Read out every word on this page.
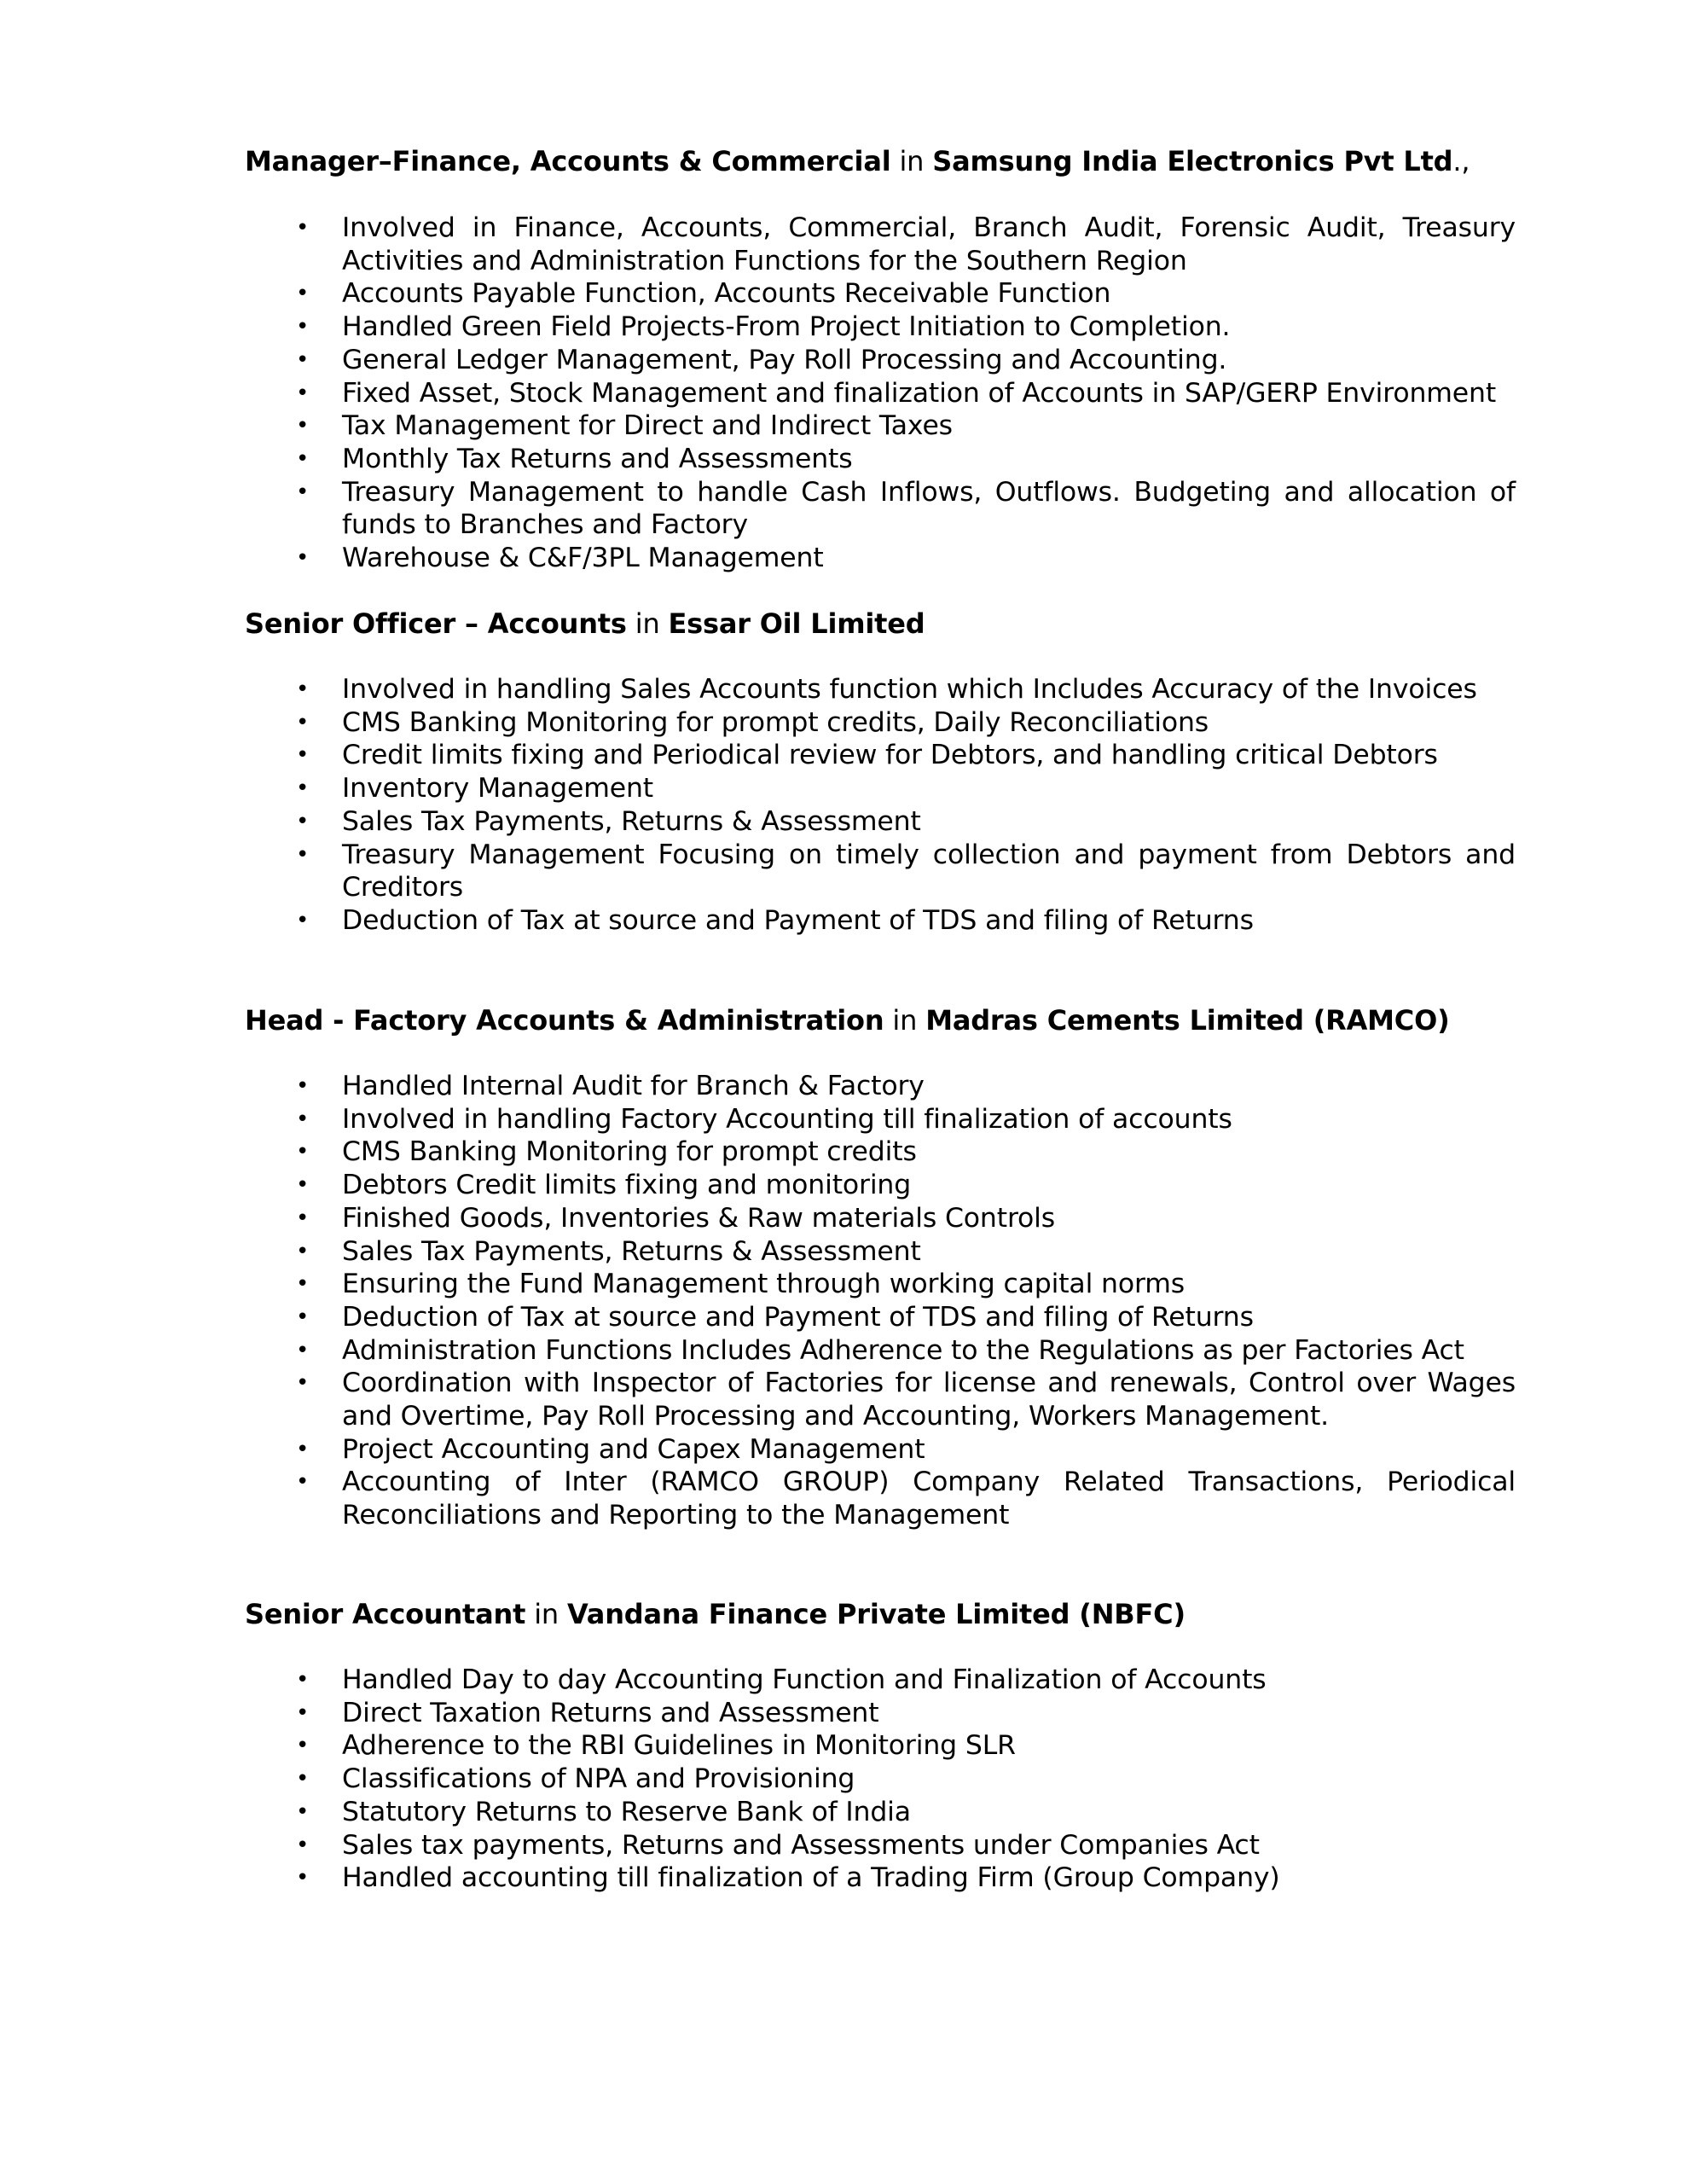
Manager–Finance, Accounts & Commercial in Samsung India Electronics Pvt Ltd.,

• Involved in Finance, Accounts, Commercial, Branch Audit, Forensic Audit, Treasury Activities and Administration Functions for the Southern Region
• Accounts Payable Function, Accounts Receivable Function
• Handled Green Field Projects-From Project Initiation to Completion.
• General Ledger Management, Pay Roll Processing and Accounting.
• Fixed Asset, Stock Management and finalization of Accounts in SAP/GERP Environment
• Tax Management for Direct and Indirect Taxes
• Monthly Tax Returns and Assessments
• Treasury Management to handle Cash Inflows, Outflows. Budgeting and allocation of funds to Branches and Factory
• Warehouse & C&F/3PL Management

Senior Officer – Accounts in Essar Oil Limited

• Involved in handling Sales Accounts function which Includes Accuracy of the Invoices
• CMS Banking Monitoring for prompt credits, Daily Reconciliations
• Credit limits fixing and Periodical review for Debtors, and handling critical Debtors
• Inventory Management
• Sales Tax Payments, Returns & Assessment
• Treasury Management Focusing on timely collection and payment from Debtors and Creditors
• Deduction of Tax at source and Payment of TDS and filing of Returns

Head - Factory Accounts & Administration in Madras Cements Limited (RAMCO)

• Handled Internal Audit for Branch & Factory
• Involved in handling Factory Accounting till finalization of accounts
• CMS Banking Monitoring for prompt credits
• Debtors Credit limits fixing and monitoring
• Finished Goods, Inventories & Raw materials Controls
• Sales Tax Payments, Returns & Assessment
• Ensuring the Fund Management through working capital norms
• Deduction of Tax at source and Payment of TDS and filing of Returns
• Administration Functions Includes Adherence to the Regulations as per Factories Act
• Coordination with Inspector of Factories for license and renewals, Control over Wages and Overtime, Pay Roll Processing and Accounting, Workers Management.
• Project Accounting and Capex Management
• Accounting of Inter (RAMCO GROUP) Company Related Transactions, Periodical Reconciliations and Reporting to the Management

Senior Accountant in Vandana Finance Private Limited (NBFC)

• Handled Day to day Accounting Function and Finalization of Accounts
• Direct Taxation Returns and Assessment
• Adherence to the RBI Guidelines in Monitoring SLR
• Classifications of NPA and Provisioning
• Statutory Returns to Reserve Bank of India
• Sales tax payments, Returns and Assessments under Companies Act
• Handled accounting till finalization of a Trading Firm (Group Company)
